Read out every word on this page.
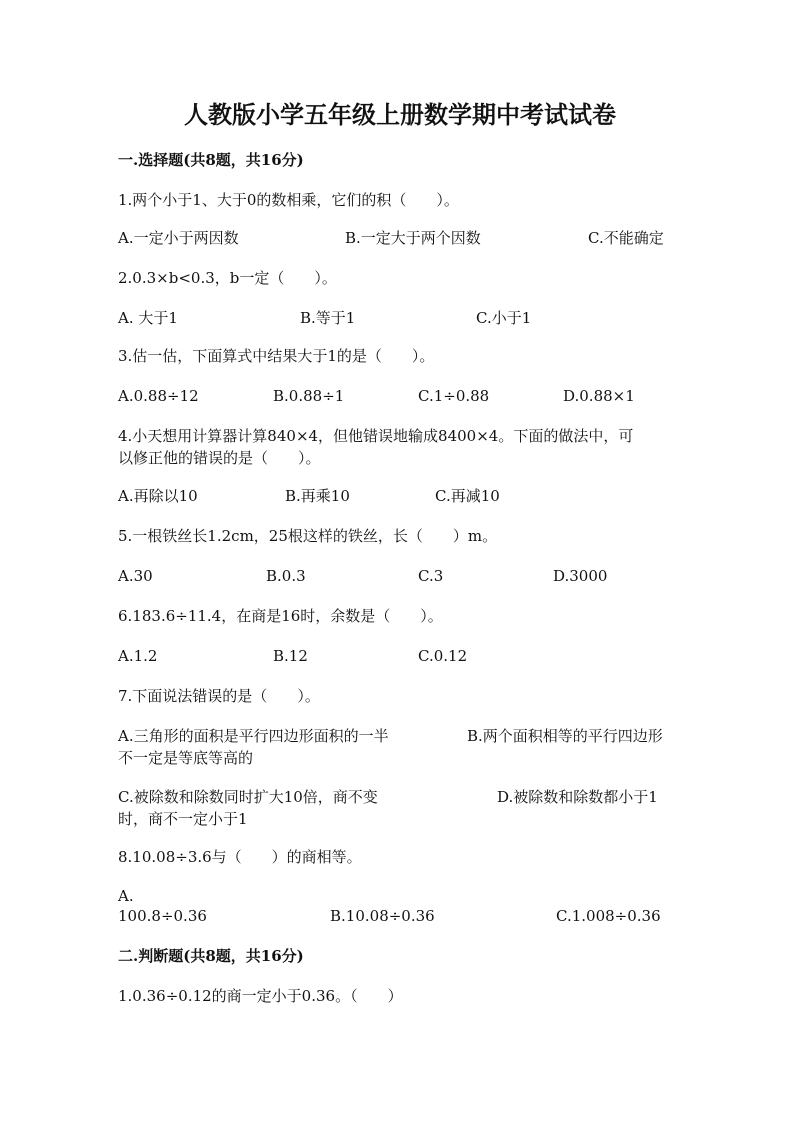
人教版小学五年级上册数学期中考试试卷
一.选择题(共8题，共16分)
1.两个小于1、大于0的数相乘，它们的积（　　）。
A.一定小于两因数	B.一定大于两个因数	C.不能确定
2.0.3×b<0.3，b一定（　　）。
A. 大于1	B.等于1	C.小于1
3.估一估，下面算式中结果大于1的是（　　）。
A.0.88÷12	B.0.88÷1	C.1÷0.88	D.0.88×1
4.小天想用计算器计算840×4，但他错误地输成8400×4。下面的做法中，可
以修正他的错误的是（　　）。
A.再除以10	B.再乘10	C.再减10
5.一根铁丝长1.2cm，25根这样的铁丝，长（　　）m。
A.30	B.0.3	C.3	D.3000
6.183.6÷11.4，在商是16时，余数是（　　）。
A.1.2	B.12	C.0.12
7.下面说法错误的是（　　）。
A.三角形的面积是平行四边形面积的一半	B.两个面积相等的平行四边形
不一定是等底等高的
C.被除数和除数同时扩大10倍，商不变	D.被除数和除数都小于1
时，商不一定小于1
8.10.08÷3.6与（　　）的商相等。
A.
100.8÷0.36	B.10.08÷0.36	C.1.008÷0.36
二.判断题(共8题，共16分)
1.0.36÷0.12的商一定小于0.36。（　　）
